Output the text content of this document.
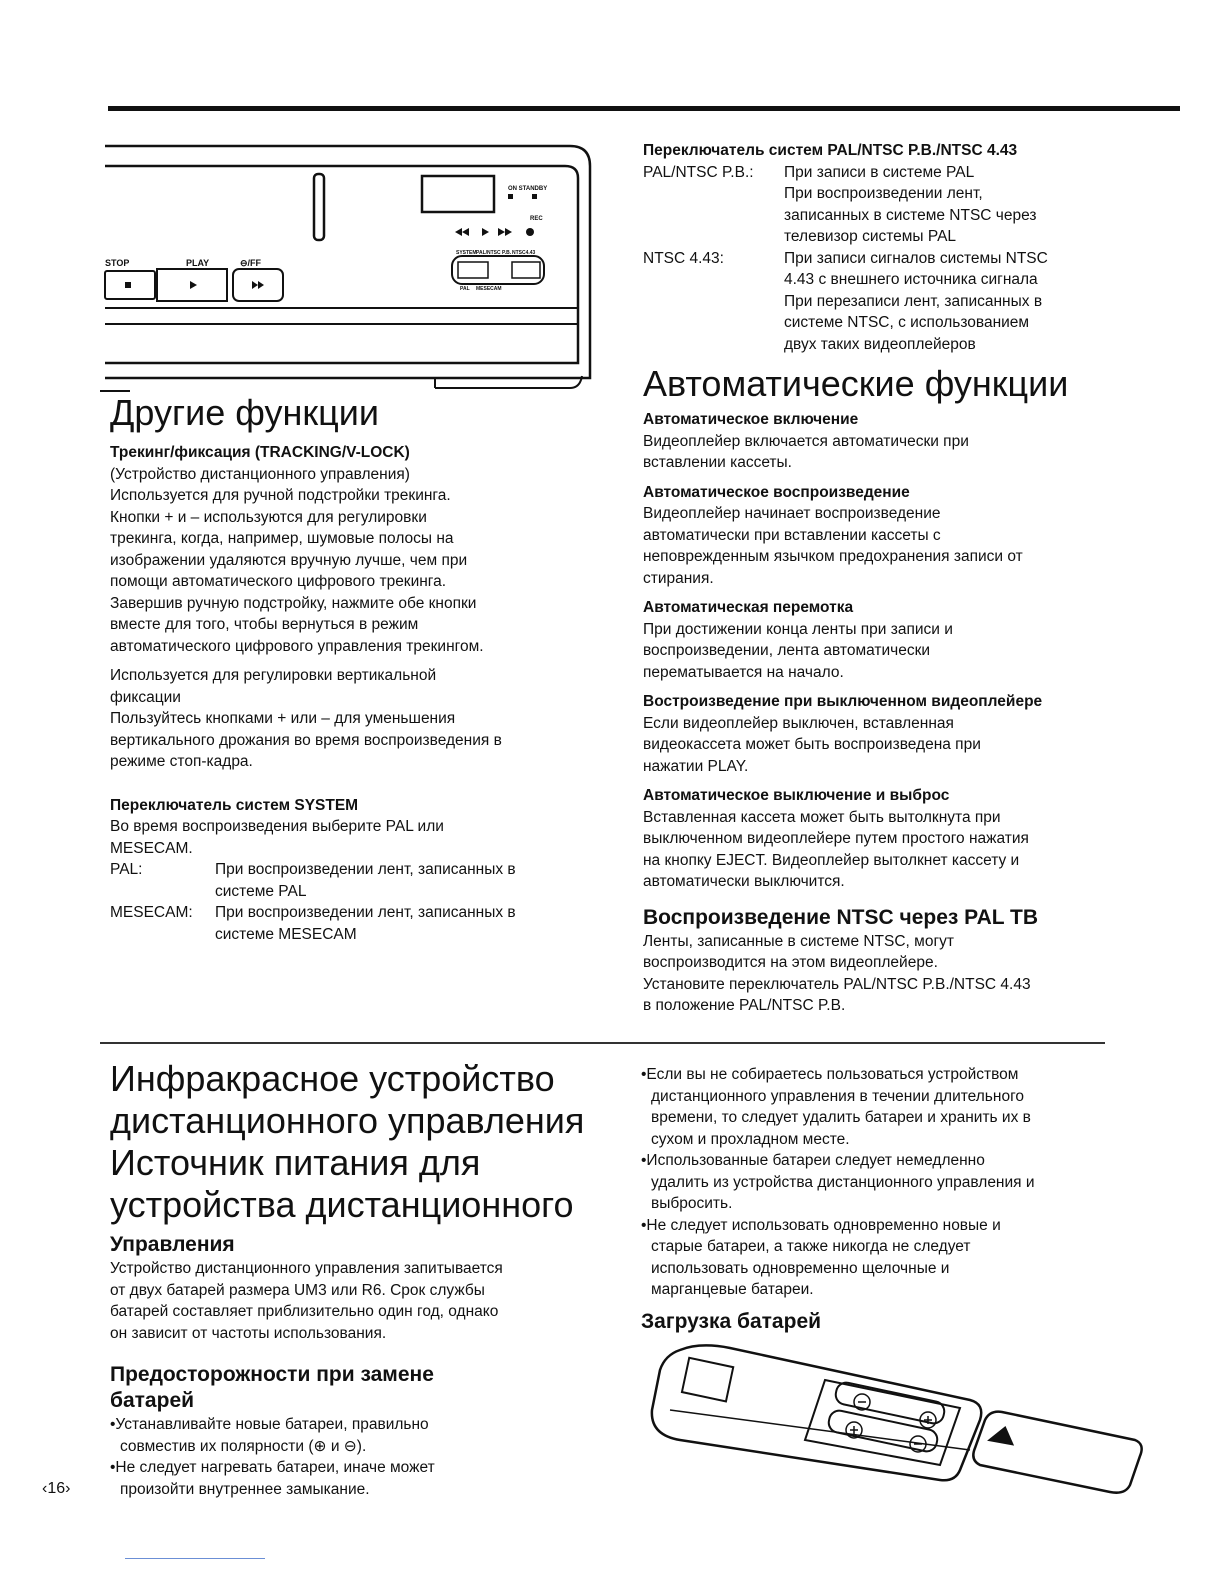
STOP	PLAY	⊖/FF
ON STANDBY
REC
SYSTEM PAL/NTSC P.B. NTSC4.43
PAL MESECAM
Другие функции

Трекинг/фиксация (TRACKING/V-LOCK)

(Устройство дистанционного управления)

Используется для ручной подстройки трекинга.

Кнопки + и – используются для регулировки

трекинга, когда, например, шумовые полосы на

изображении удаляются вручную лучше, чем при

помощи автоматического цифрового трекинга.

Завершив ручную подстройку, нажмите обе кнопки

вместе для того, чтобы вернуться в режим

автоматического цифрового управления трекингом.

Используется для регулировки вертикальной

фиксации

Пользуйтесь кнопками + или – для уменьшения

вертикального дрожания во время воспроизведения в

режиме стоп-кадра.

Переключатель систем SYSTEM

Во время воспроизведения выберите PAL или

MESECAM.

PAL:	При воспроизведении лент, записанных в

системе PAL

MESECAM:	При воспроизведении лент, записанных в

системе MESECAM

Переключатель систем PAL/NTSC P.B./NTSC 4.43

PAL/NTSC P.B.:	При записи в системе PAL

При воспроизведении лент,

записанных в системе NTSC через

телевизор системы PAL

NTSC 4.43:	При записи сигналов системы NTSC

4.43 с внешнего источника сигнала

При перезаписи лент, записанных в

системе NTSC, с использованием

двух таких видеоплейеров

Автоматические функции

Автоматическое включение

Видеоплейер включается автоматически при

вставлении кассеты.

Автоматическое воспроизведение

Видеоплейер начинает воспроизведение

автоматически при вставлении кассеты с

неповрежденным язычком предохранения записи от

стирания.

Автоматическая перемотка

При достижении конца ленты при записи и

воспроизведении, лента автоматически

перематывается на начало.

Востроизведение при выключенном видеоплейере

Если видеоплейер выключен, вставленная

видеокассета может быть воспроизведена при

нажатии PLAY.

Автоматическое выключение и выброс

Вставленная кассета может быть вытолкнута при

выключенном видеоплейере путем простого нажатия

на кнопку EJECT. Видеоплейер вытолкнет кассету и

автоматически выключится.

Воспроизведение NTSC через PAL ТВ

Ленты, записанные в системе NTSC, могут

воспроизводится на этом видеоплейере.

Установите переключатель PAL/NTSC P.B./NTSC 4.43

в положение PAL/NTSC P.B.

Инфракрасное устройство

дистанционного управления

Источник питания для

устройства дистанционного

Управления

Устройство дистанционного управления запитывается

от двух батарей размера UM3 или R6. Срок службы

батарей составляет приблизительно один год, однако

он зависит от частоты использования.

Предосторожности при замене

батарей

•Устанавливайте новые батареи, правильно

совместив их полярности (⊕ и ⊖).

•Не следует нагревать батареи, иначе может

произойти внутреннее замыкание.

•Если вы не собираетесь пользоваться устройством

дистанционного управления в течении длительного

времени, то следует удалить батареи и хранить их в

сухом и прохладном месте.

•Использованные батареи следует немедленно

удалить из устройства дистанционного управления и

выбросить.

•Не следует использовать одновременно новые и

старые батареи, а также никогда не следует

использовать одновременно щелочные и

марганцевые батареи.

Загрузка батарей
‹16›
